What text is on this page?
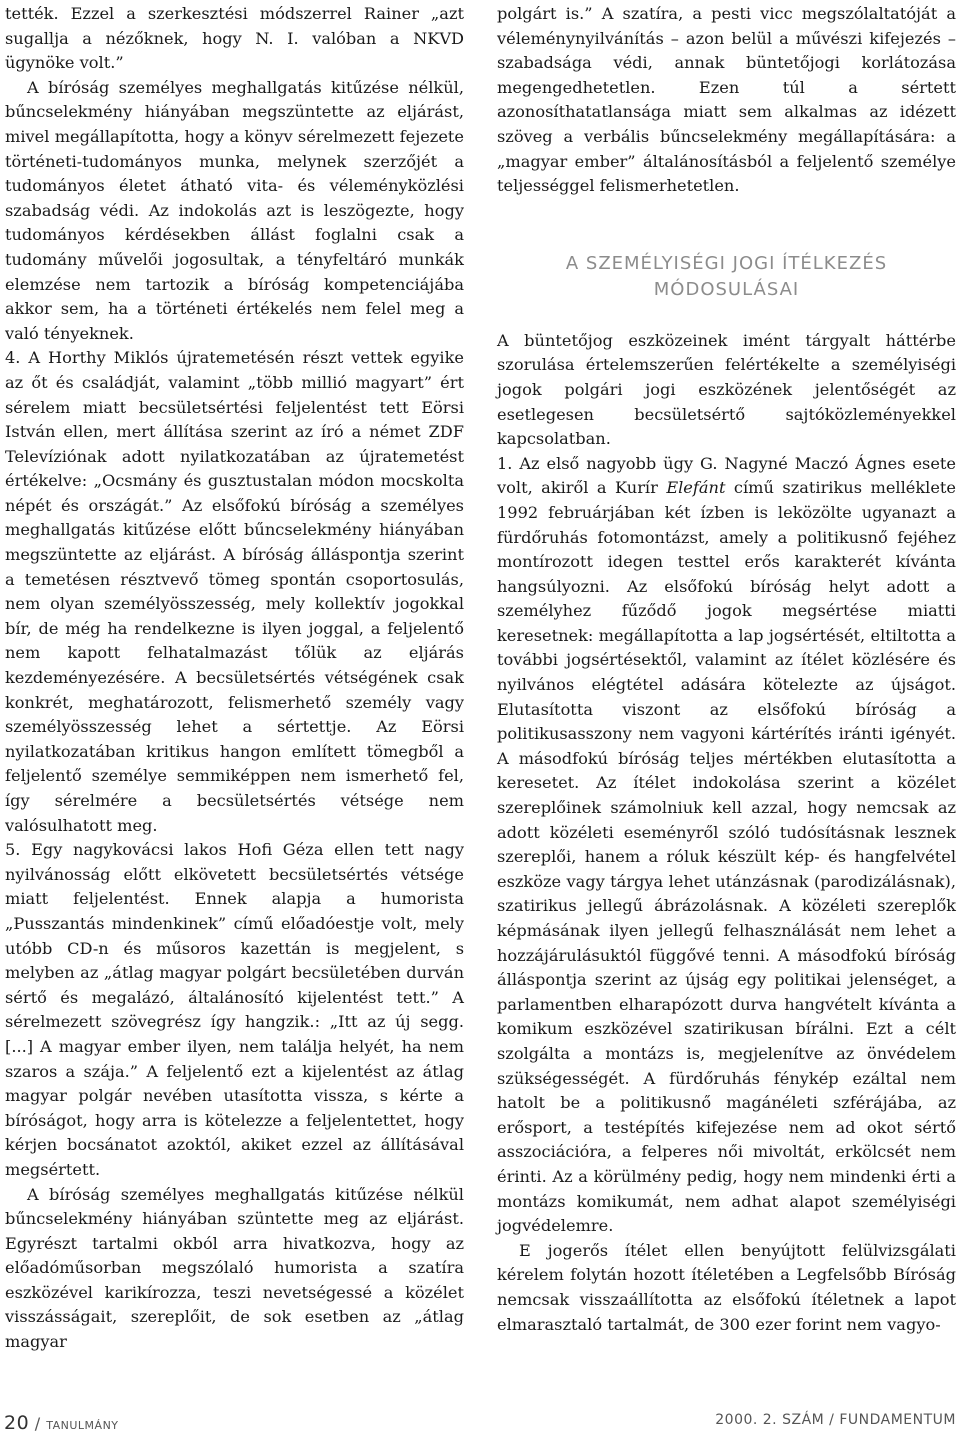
tették. Ezzel a szerkesztési módszerrel Rainer „azt sugallja a nézőknek, hogy N. I. valóban a NKVD ügynöke volt.”

A bíróság személyes meghallgatás kitűzése nélkül, bűncselekmény hiányában megszüntette az eljárást, mivel megállapította, hogy a könyv sérelmezett fejezete történeti-tudományos munka, melynek szerzőjét a tudományos életet átható vita- és véleményközlési szabadság védi. Az indokolás azt is leszögezte, hogy tudományos kérdésekben állást foglalni csak a tudomány művelői jogosultak, a tényfeltáró munkák elemzése nem tartozik a bíróság kompetenciájába akkor sem, ha a történeti értékelés nem felel meg a való tényeknek.

4. A Horthy Miklós újratemetésén részt vettek egyike az őt és családját, valamint „több millió magyart” ért sérelem miatt becsületsértési feljelentést tett Eörsi István ellen, mert állítása szerint az író a német ZDF Televíziónak adott nyilatkozatában az újratemetést értékelve: „Ocsmány és gusztustalan módon mocskolta népét és országát.” Az elsőfokú bíróság a személyes meghallgatás kitűzése előtt bűncselekmény hiányában megszüntette az eljárást. A bíróság álláspontja szerint a temetésen résztvevő tömeg spontán csoportosulás, nem olyan személyösszesség, mely kollektív jogokkal bír, de még ha rendelkezne is ilyen joggal, a feljelentő nem kapott felhatalmazást tőlük az eljárás kezdeményezésére. A becsületsértés vétségének csak konkrét, meghatározott, felismerhető személy vagy személyösszesség lehet a sértettje. Az Eörsi nyilatkozatában kritikus hangon említett tömegből a feljelentő személye semmiképpen nem ismerhető fel, így sérelmére a becsületsértés vétsége nem valósulhatott meg.

5. Egy nagykovácsi lakos Hofi Géza ellen tett nagy nyilvánosság előtt elkövetett becsületsértés vétsége miatt feljelentést. Ennek alapja a humorista „Pusszantás mindenkinek” című előadóestje volt, mely utóbb CD-n és műsoros kazettán is megjelent, s melyben az „átlag magyar polgárt becsületében durván sértő és megalázó, általánosító kijelentést tett.” A sérelmezett szövegrész így hangzik.: „Itt az új segg. [...] A magyar ember ilyen, nem találja helyét, ha nem szaros a szája.” A feljelentő ezt a kijelentést az átlag magyar polgár nevében utasította vissza, s kérte a bíróságot, hogy arra is kötelezze a feljelentettet, hogy kérjen bocsánatot azoktól, akiket ezzel az állításával megsértett.

A bíróság személyes meghallgatás kitűzése nélkül bűncselekmény hiányában szüntette meg az eljárást. Egyrészt tartalmi okból arra hivatkozva, hogy az előadóműsorban megszólaló humorista a szatíra eszközével karikírozza, teszi nevetségessé a közélet visszásságait, szereplőit, de sok esetben az „átlag magyar

polgárt is.” A szatíra, a pesti vicc megszólaltatóját a véleménynyilvánítás – azon belül a művészi kifejezés – szabadsága védi, annak büntetőjogi korlátozása megengedhetetlen. Ezen túl a sértett azonosíthatatlansága miatt sem alkalmas az idézett szöveg a verbális bűncselekmény megállapítására: a „magyar ember” általánosításból a feljelentő személye teljességgel felismerhetetlen.

A SZEMÉLYISÉGI JOGI ÍTÉLKEZÉS
MÓDOSULÁSAI

A büntetőjog eszközeinek imént tárgyalt háttérbe szorulása értelemszerűen felértékelte a személyiségi jogok polgári jogi eszközének jelentőségét az esetlegesen becsületsértő sajtóközleményekkel kapcsolatban.

1. Az első nagyobb ügy G. Nagyné Maczó Ágnes esete volt, akiről a Kurír Elefánt című szatirikus melléklete 1992 februárjában két ízben is leközölte ugyanazt a fürdőruhás fotomontázst, amely a politikusnő fejéhez montírozott idegen testtel erős karakterét kívánta hangsúlyozni. Az elsőfokú bíróság helyt adott a személyhez fűződő jogok megsértése miatti keresetnek: megállapította a lap jogsértését, eltiltotta a további jogsértésektől, valamint az ítélet közlésére és nyilvános elégtétel adására kötelezte az újságot. Elutasította viszont az elsőfokú bíróság a politikusasszony nem vagyoni kártérítés iránti igényét. A másodfokú bíróság teljes mértékben elutasította a keresetet. Az ítélet indokolása szerint a közélet szereplőinek számolniuk kell azzal, hogy nemcsak az adott közéleti eseményről szóló tudósításnak lesznek szereplői, hanem a róluk készült kép- és hangfelvétel eszköze vagy tárgya lehet utánzásnak (parodizálásnak), szatirikus jellegű ábrázolásnak. A közéleti szereplők képmásának ilyen jellegű felhasználását nem lehet a hozzájárulásuktól függővé tenni. A másodfokú bíróság álláspontja szerint az újság egy politikai jelenséget, a parlamentben elharapózott durva hangvételt kívánta a komikum eszközével szatirikusan bírálni. Ezt a célt szolgálta a montázs is, megjelenítve az önvédelem szükségességét. A fürdőruhás fénykép ezáltal nem hatolt be a politikusnő magánéleti szférájába, az erősport, a testépítés kifejezése nem ad okot sértő asszociációra, a felperes női mivoltát, erkölcsét nem érinti. Az a körülmény pedig, hogy nem mindenki érti a montázs komikumát, nem adhat alapot személyiségi jogvédelemre.

E jogerős ítélet ellen benyújtott felülvizsgálati kérelem folytán hozott ítéletében a Legfelsőbb Bíróság nemcsak visszaállította az elsőfokú ítéletnek a lapot elmarasztaló tartalmát, de 300 ezer forint nem vagyo-

20 / tanulmány	2000. 2. SZÁM / FUNDAMENTUM
